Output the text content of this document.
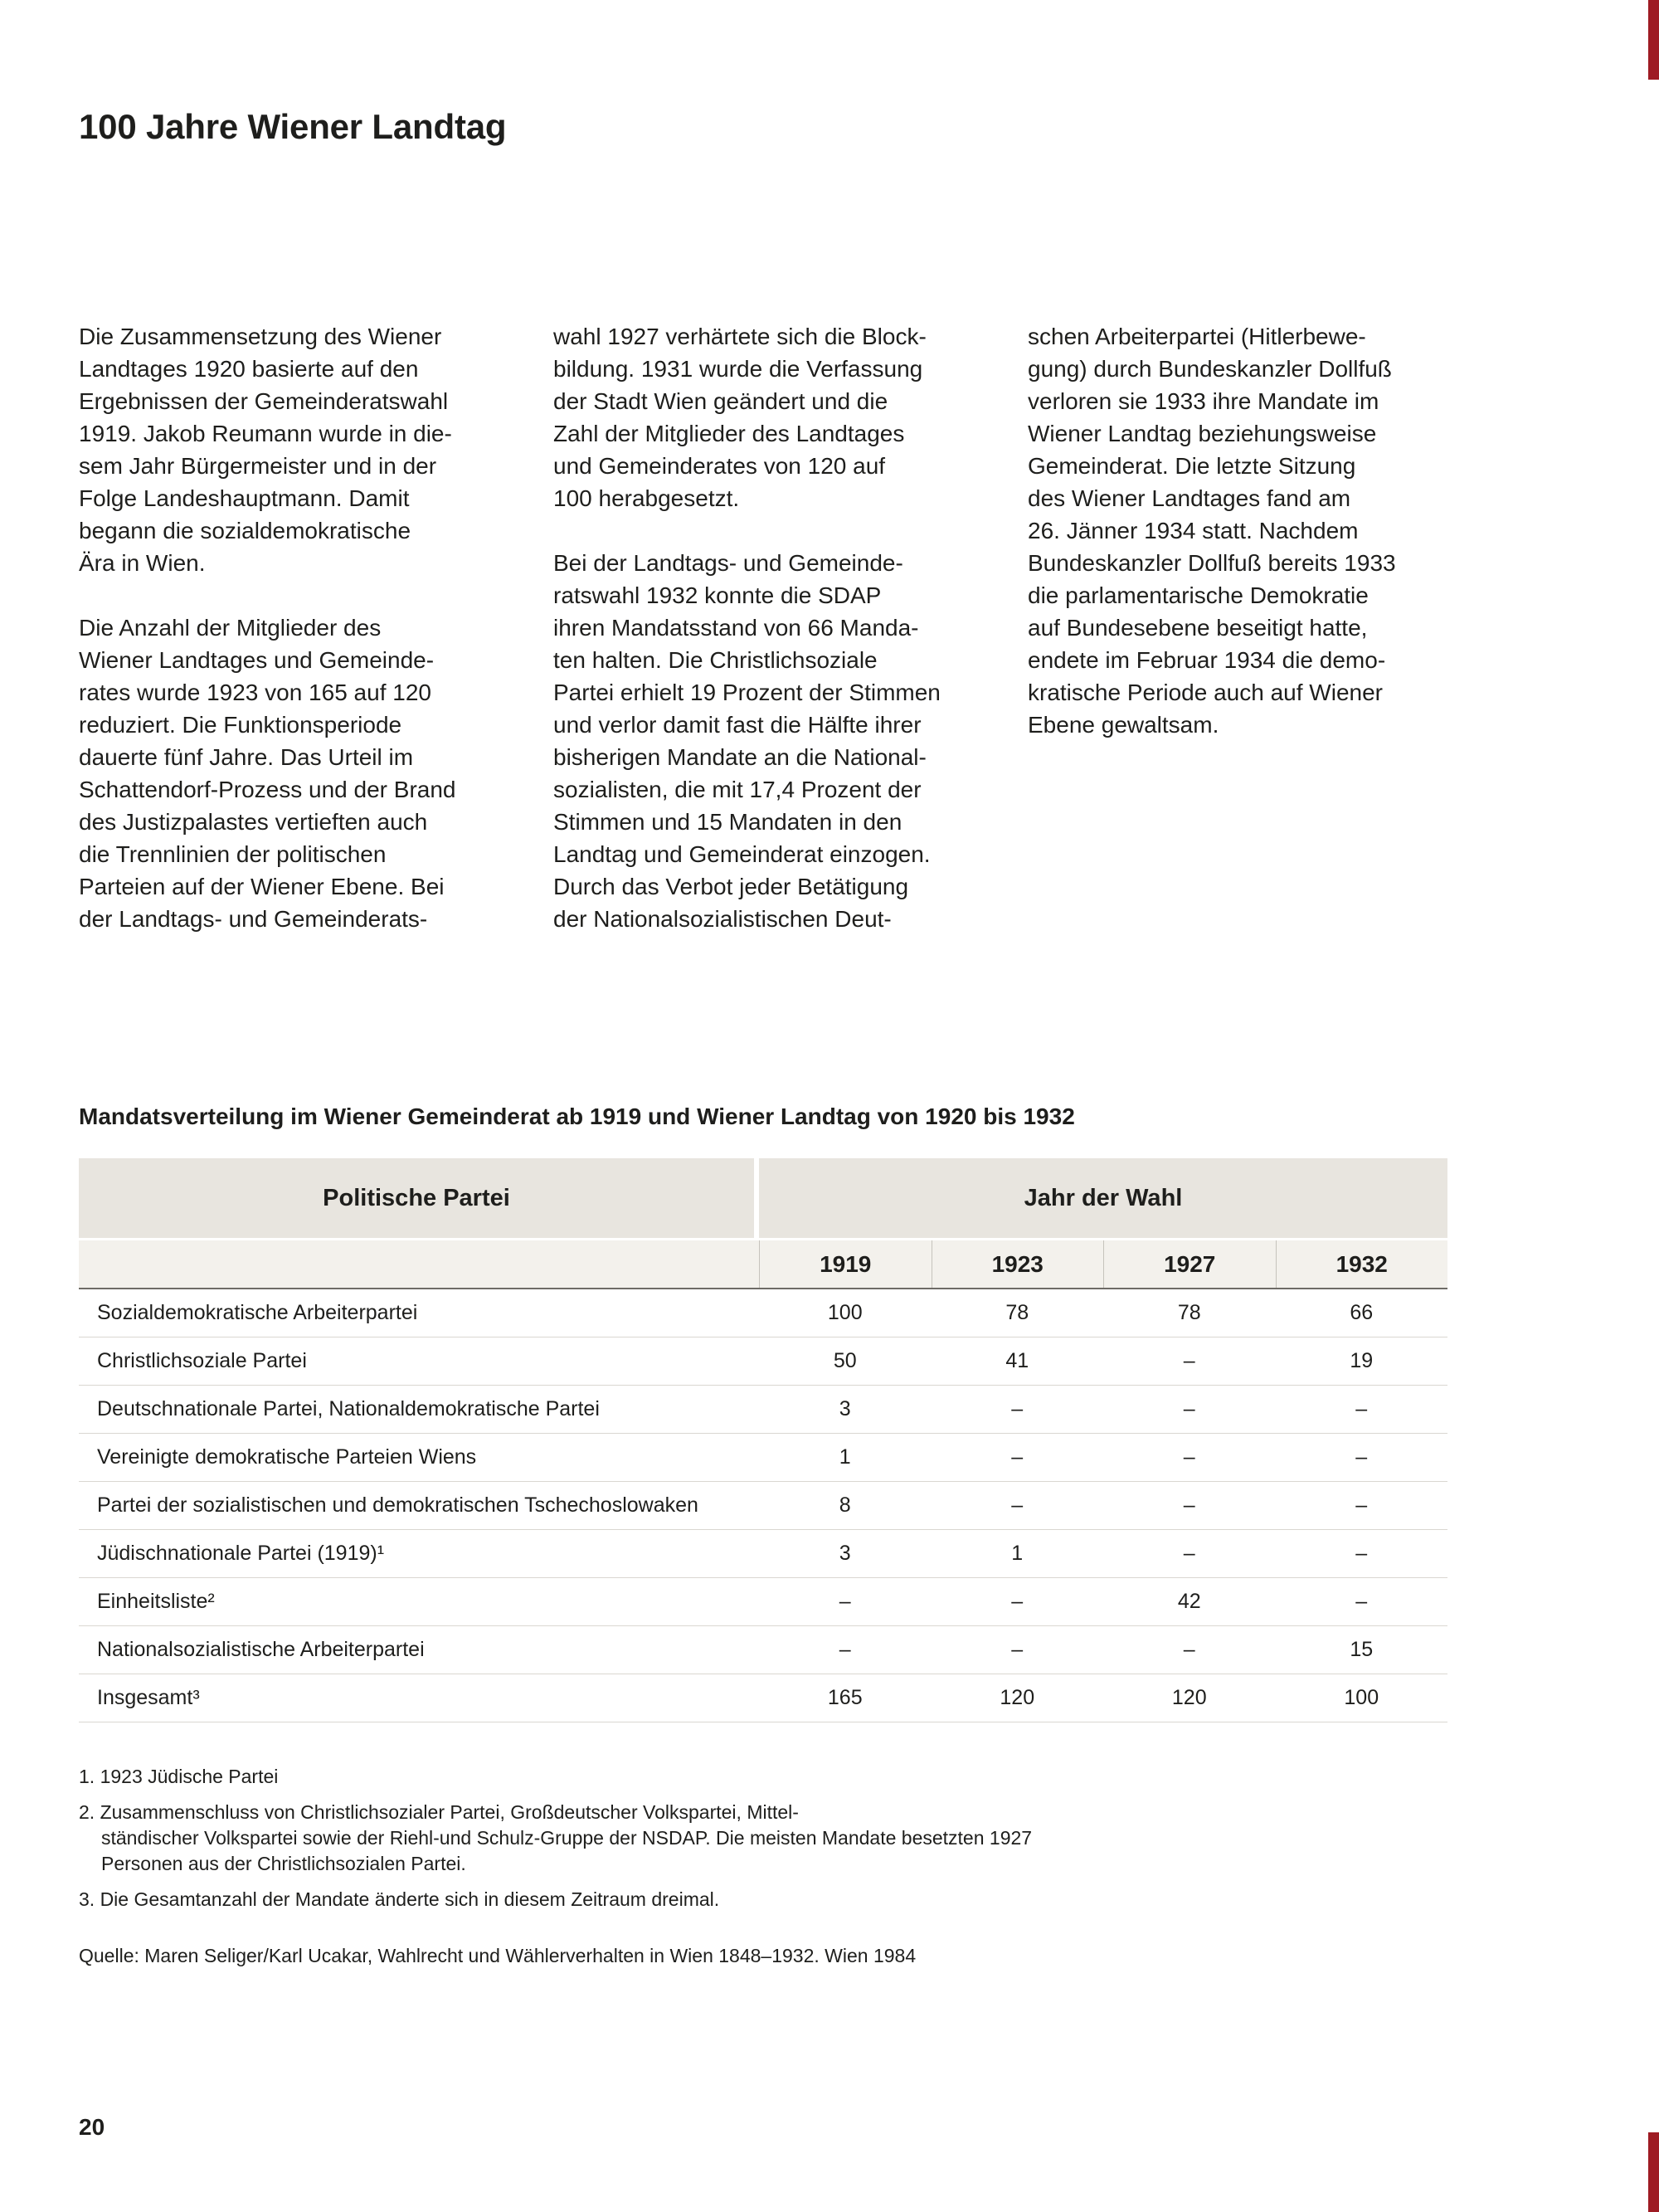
100 Jahre Wiener Landtag
Die Zusammensetzung des Wiener
Landtages 1920 basierte auf den
Ergebnissen der Gemeinderatswahl
1919. Jakob Reumann wurde in die-
sem Jahr Bürgermeister und in der
Folge Landeshauptmann. Damit
begann die sozialdemokratische
Ära in Wien.
Die Anzahl der Mitglieder des
Wiener Landtages und Gemeinde-
rates wurde 1923 von 165 auf 120
reduziert. Die Funktionsperiode
dauerte fünf Jahre. Das Urteil im
Schattendorf-Prozess und der Brand
des Justizpalastes vertieften auch
die Trennlinien der politischen
Parteien auf der Wiener Ebene. Bei
der Landtags- und Gemeinderats-
wahl 1927 verhärtete sich die Block-
bildung. 1931 wurde die Verfassung
der Stadt Wien geändert und die
Zahl der Mitglieder des Landtages
und Gemeinderates von 120 auf
100 herabgesetzt.
Bei der Landtags- und Gemeinde-
ratswahl 1932 konnte die SDAP
ihren Mandatsstand von 66 Manda-
ten halten. Die Christlichsoziale
Partei erhielt 19 Prozent der Stimmen
und verlor damit fast die Hälfte ihrer
bisherigen Mandate an die National-
sozialisten, die mit 17,4 Prozent der
Stimmen und 15 Mandaten in den
Landtag und Gemeinderat einzogen.
Durch das Verbot jeder Betätigung
der Nationalsozialistischen Deut-
schen Arbeiterpartei (Hitlerbewe-
gung) durch Bundeskanzler Dollfuß
verloren sie 1933 ihre Mandate im
Wiener Landtag beziehungsweise
Gemeinderat. Die letzte Sitzung
des Wiener Landtages fand am
26. Jänner 1934 statt. Nachdem
Bundeskanzler Dollfuß bereits 1933
die parlamentarische Demokratie
auf Bundesebene beseitigt hatte,
endete im Februar 1934 die demo-
kratische Periode auch auf Wiener
Ebene gewaltsam.
Mandatsverteilung im Wiener Gemeinderat ab 1919 und Wiener Landtag von 1920 bis 1932
Politische Partei	Jahr der Wahl
1919	1923	1927	1932
Sozialdemokratische Arbeiterpartei	100	78	78	66
Christlichsoziale Partei	50	41	–	19
Deutschnationale Partei, Nationaldemokratische Partei	3	–	–	–
Vereinigte demokratische Parteien Wiens	1	–	–	–
Partei der sozialistischen und demokratischen Tschechoslowaken	8	–	–	–
Jüdischnationale Partei (1919)¹	3	1	–	–
Einheitsliste²	–	–	42	–
Nationalsozialistische Arbeiterpartei	–	–	–	15
Insgesamt³	165	120	120	100
1. 1923 Jüdische Partei
2. Zusammenschluss von Christlichsozialer Partei, Großdeutscher Volkspartei, Mittel-
ständischer Volkspartei sowie der Riehl-und Schulz-Gruppe der NSDAP. Die meisten Mandate besetzten 1927
Personen aus der Christlichsozialen Partei.
3. Die Gesamtanzahl der Mandate änderte sich in diesem Zeitraum dreimal.
Quelle: Maren Seliger/Karl Ucakar, Wahlrecht und Wählerverhalten in Wien 1848–1932. Wien 1984
20
